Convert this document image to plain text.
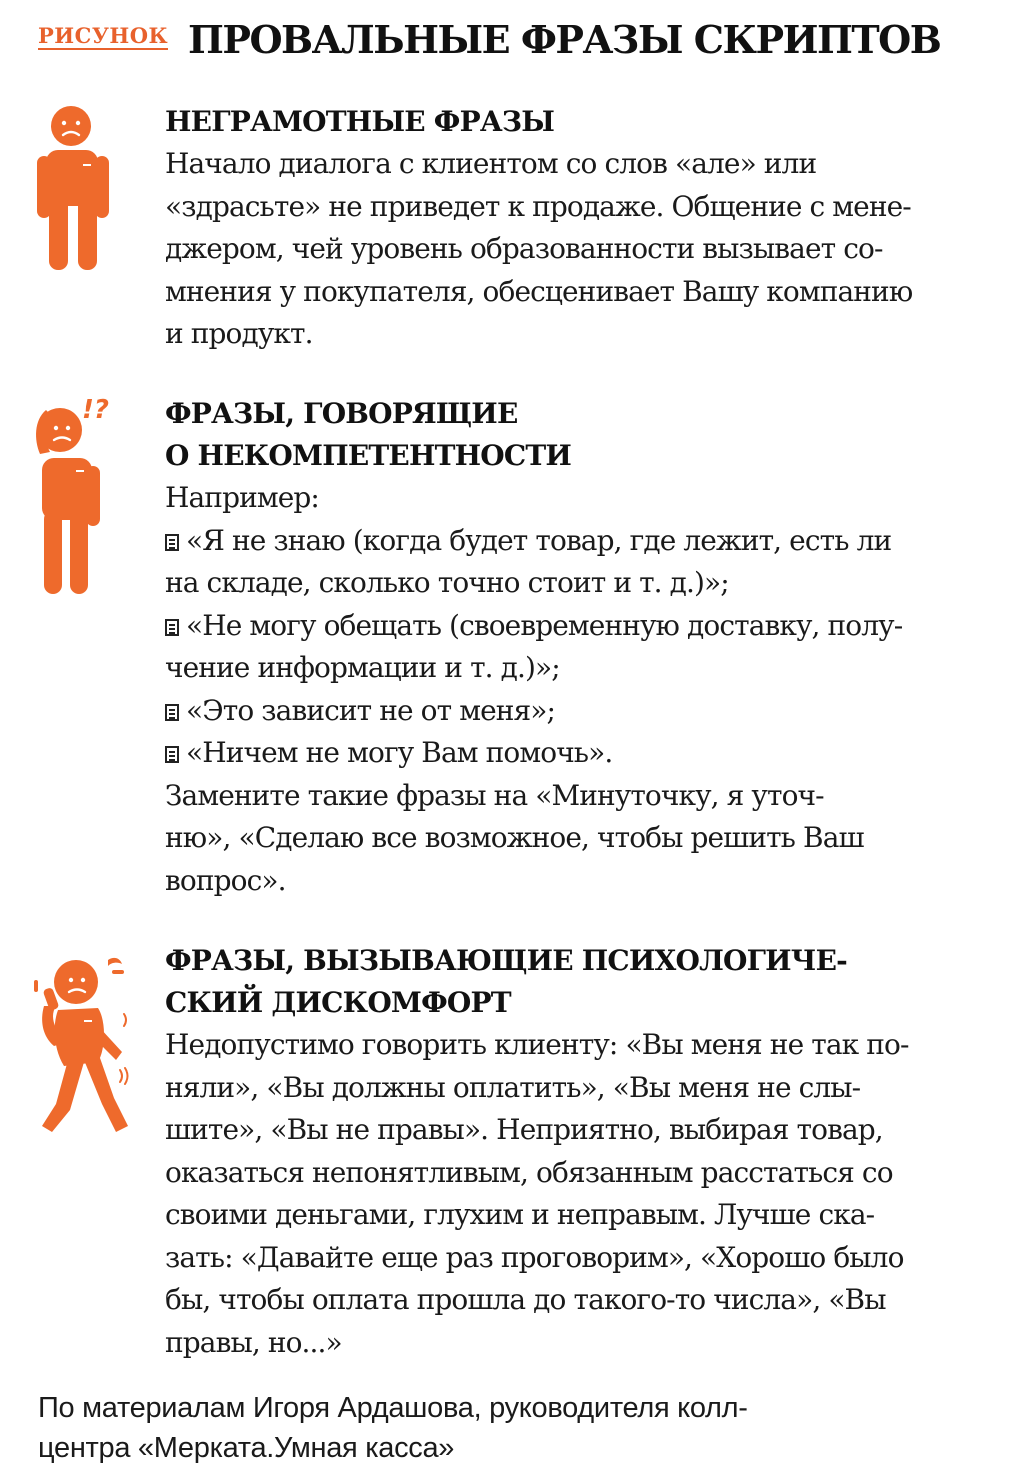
РИСУНОК ПРОВАЛЬНЫЕ ФРАЗЫ СКРИПТОВ
НЕГРАМОТНЫЕ ФРАЗЫ
Начало диалога с клиентом со слов «але» или
«здрасьте» не приведет к продаже. Общение с мене-
джером, чей уровень образованности вызывает со-
мнения у покупателя, обесценивает Вашу компанию
и продукт.
!? ФРАЗЫ, ГОВОРЯЩИЕ
О НЕКОМПЕТЕНТНОСТИ
Например:
«Я не знаю (когда будет товар, где лежит, есть ли
на складе, сколько точно стоит и т. д.)»;
«Не могу обещать (своевременную доставку, полу-
чение информации и т. д.)»;
«Это зависит не от меня»;
«Ничем не могу Вам помочь».
Замените такие фразы на «Минуточку, я уточ-
ню», «Сделаю все возможное, чтобы решить Ваш
вопрос».
ФРАЗЫ, ВЫЗЫВАЮЩИЕ ПСИХОЛОГИЧЕ-
СКИЙ ДИСКОМФОРТ
Недопустимо говорить клиенту: «Вы меня не так по-
няли», «Вы должны оплатить», «Вы меня не слы-
шите», «Вы не правы». Неприятно, выбирая товар,
оказаться непонятливым, обязанным расстаться со
своими деньгами, глухим и неправым. Лучше ска-
зать: «Давайте еще раз проговорим», «Хорошо было
бы, чтобы оплата прошла до такого-то числа», «Вы
правы, но...»
По материалам Игоря Ардашова, руководителя колл-
центра «Мерката.Умная касса»
